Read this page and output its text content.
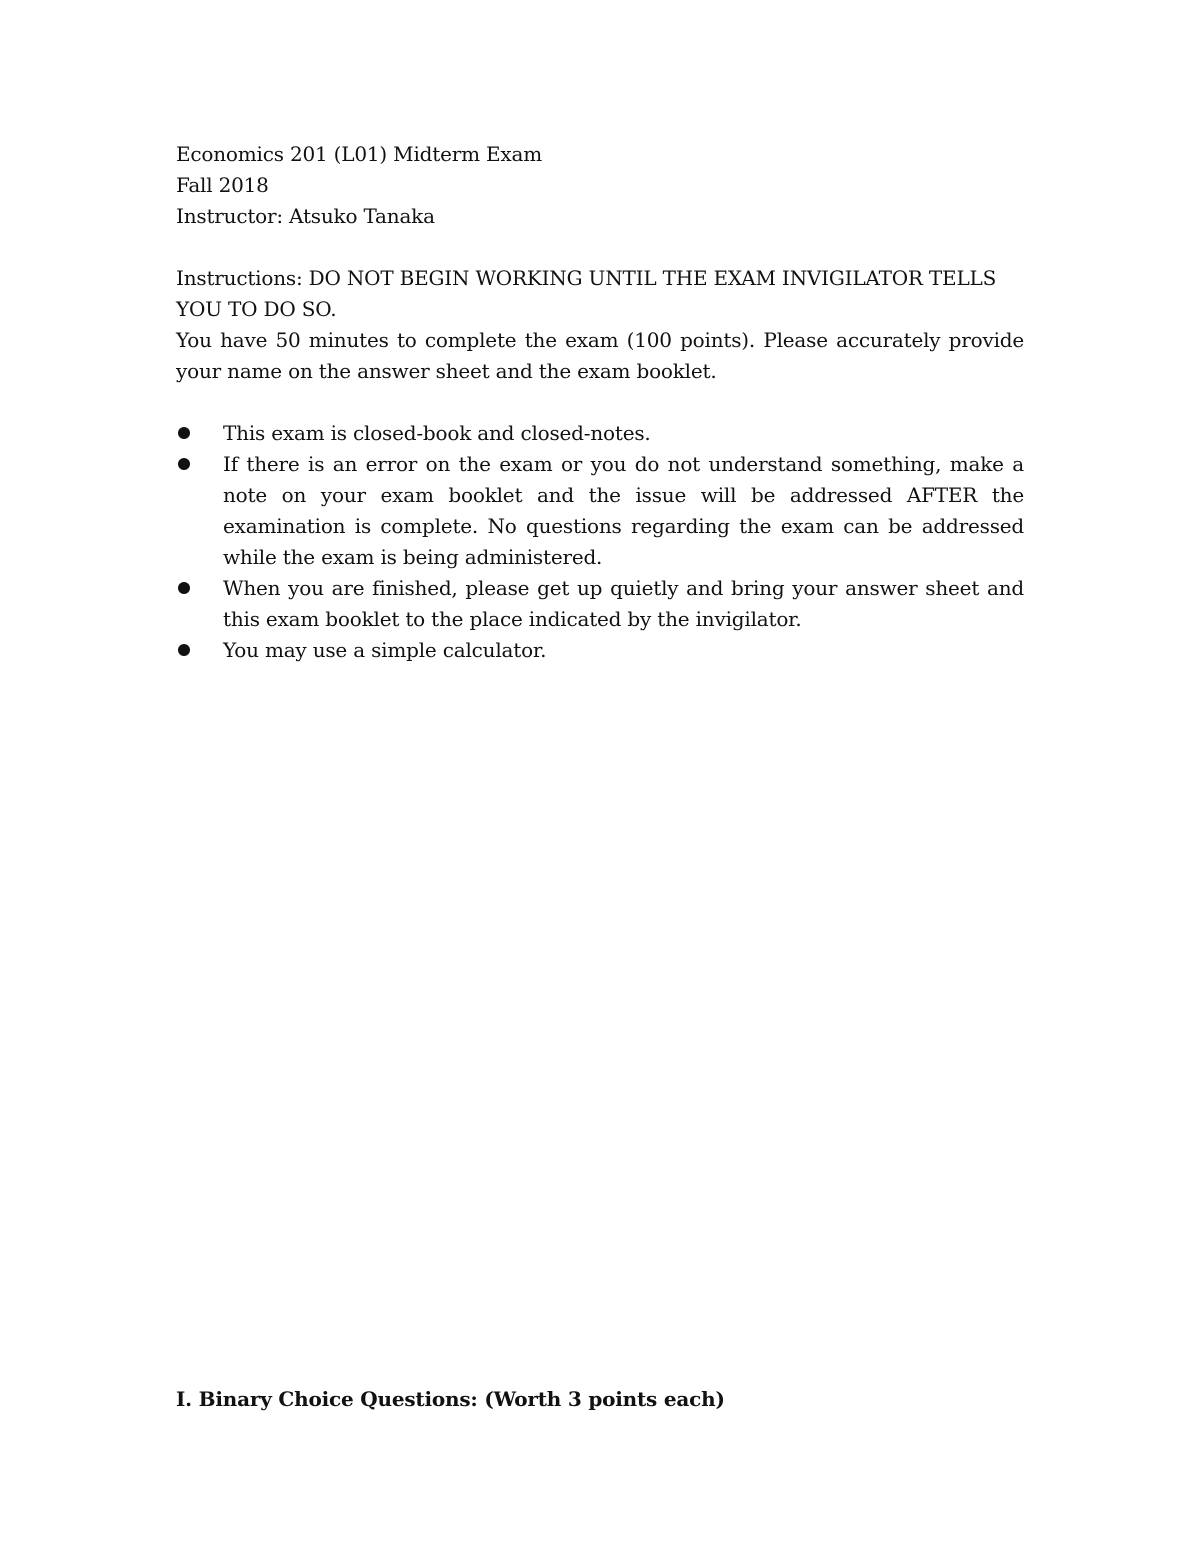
Economics 201 (L01) Midterm Exam

Fall 2018

Instructor: Atsuko Tanaka

Instructions: DO NOT BEGIN WORKING UNTIL THE EXAM INVIGILATOR TELLS YOU TO DO SO.

You have 50 minutes to complete the exam (100 points). Please accurately provide your name on the answer sheet and the exam booklet.

This exam is closed-book and closed-notes.
If there is an error on the exam or you do not understand something, make a note on your exam booklet and the issue will be addressed AFTER the examination is complete. No questions regarding the exam can be addressed while the exam is being administered.
When you are finished, please get up quietly and bring your answer sheet and this exam booklet to the place indicated by the invigilator.
You may use a simple calculator.

I. Binary Choice Questions: (Worth 3 points each)
